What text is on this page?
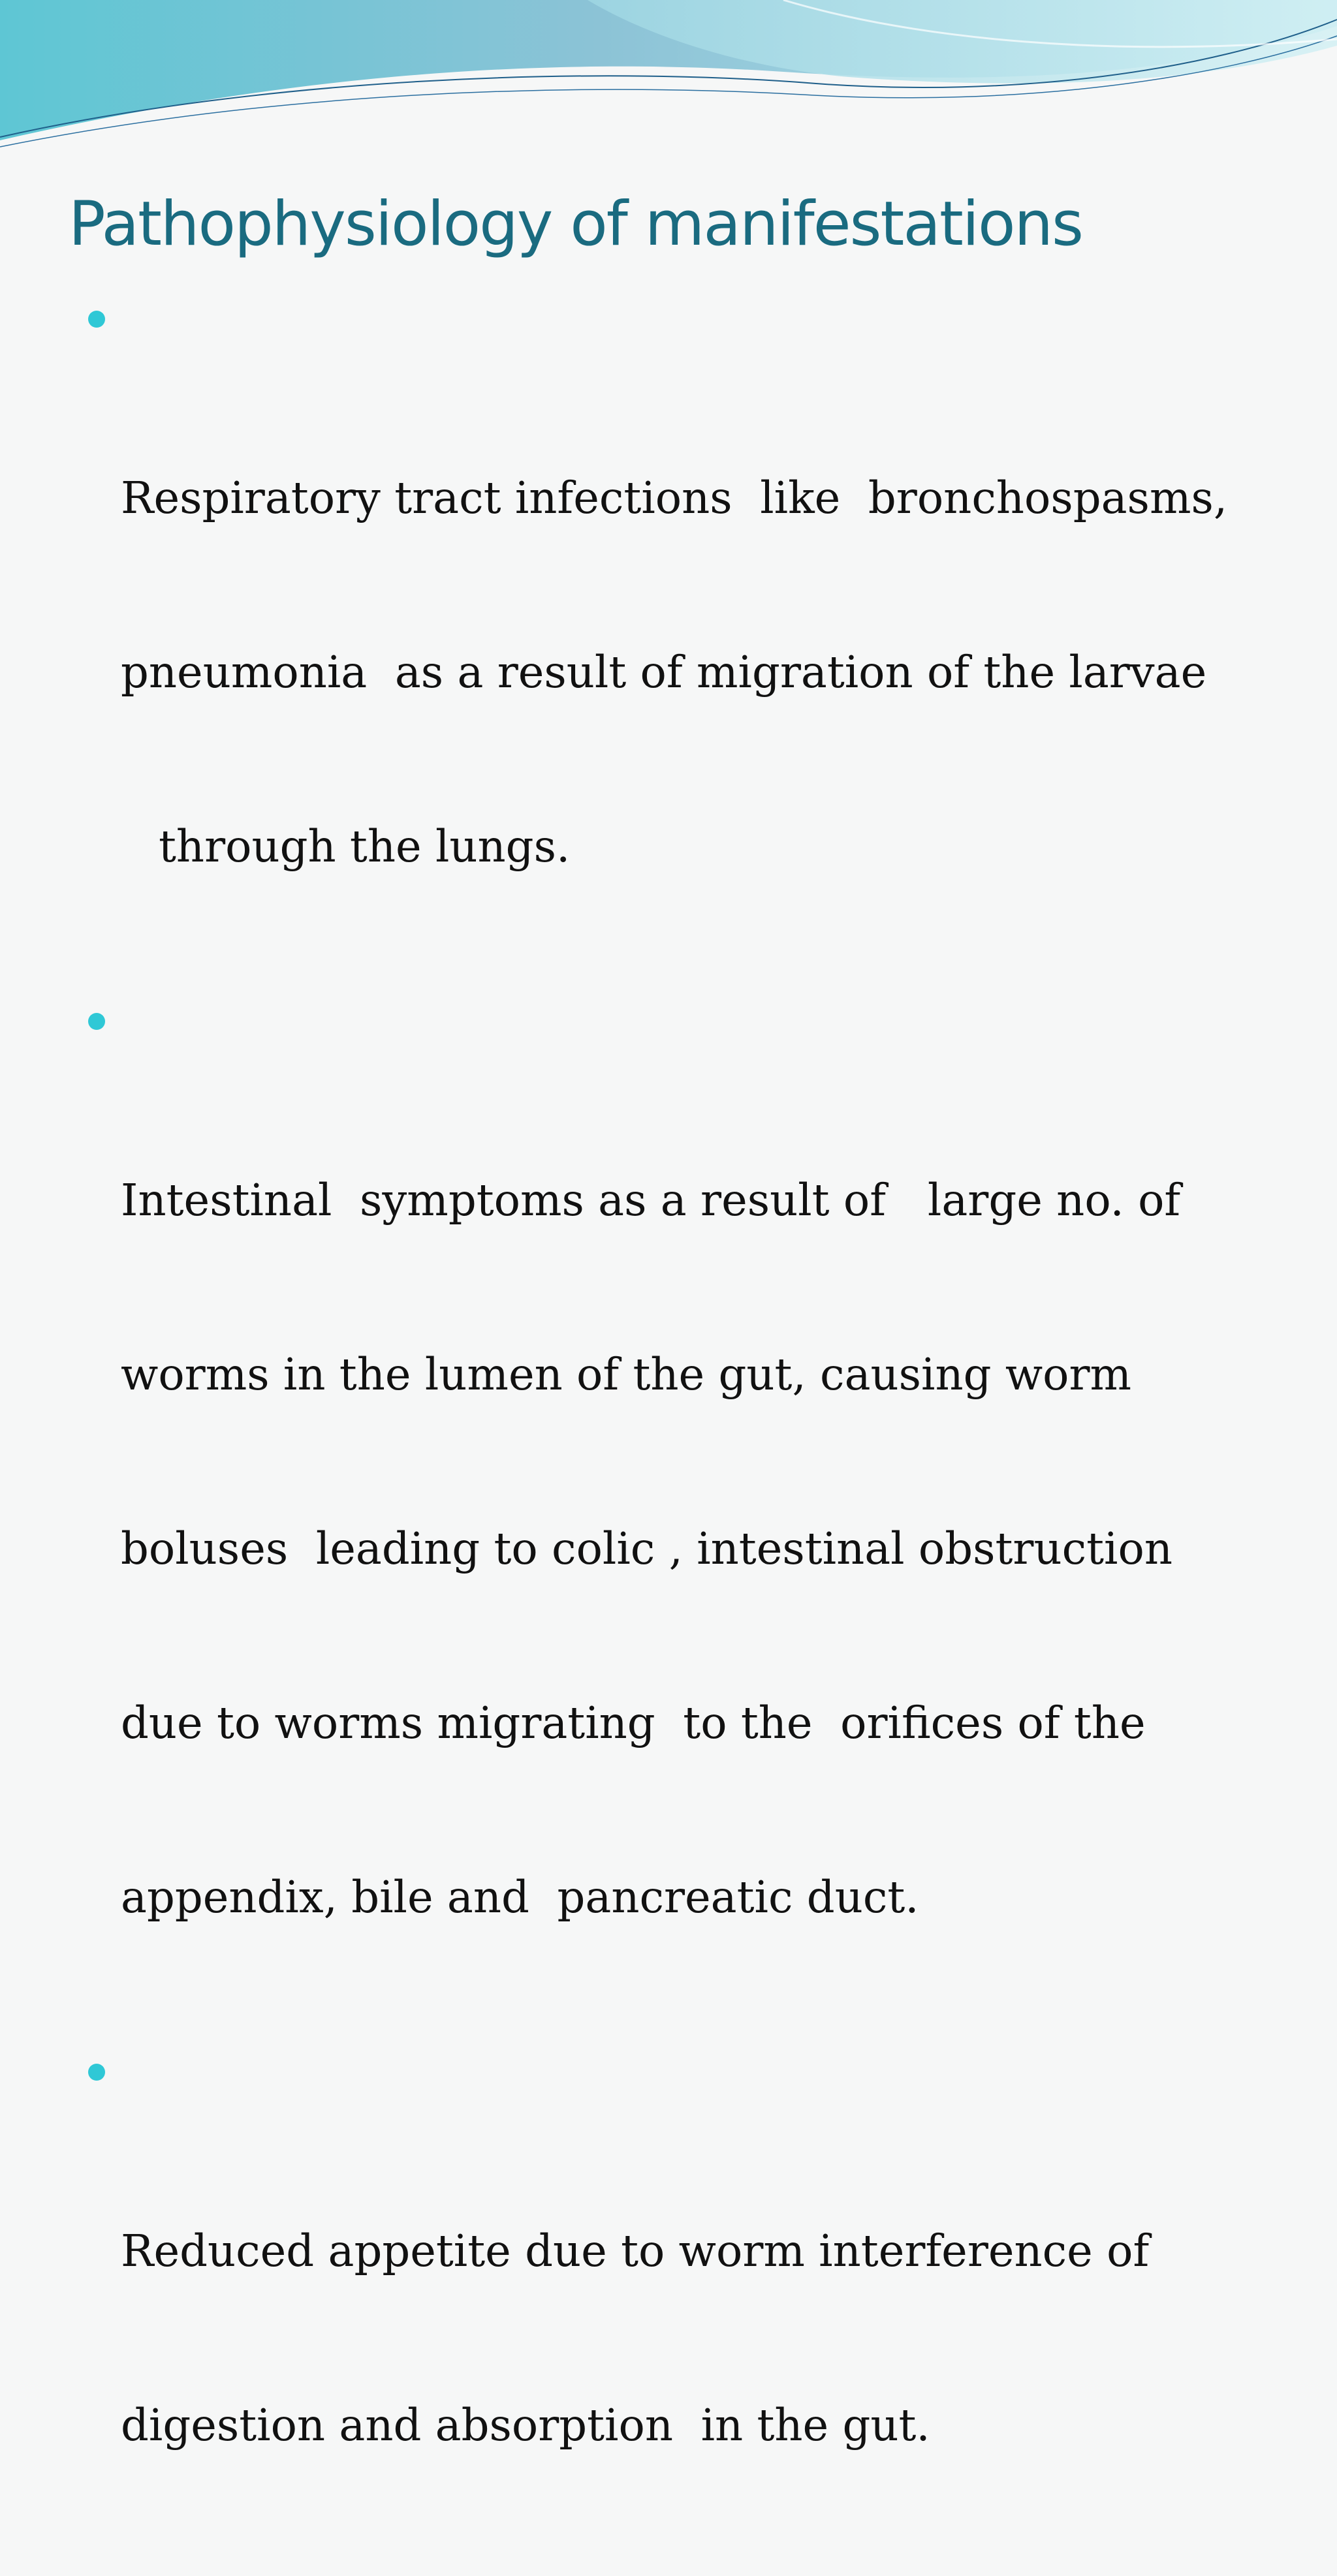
Pathophysiology of manifestations

Respiratory tract infections  like  bronchospasms,

pneumonia  as a result of migration of the larvae

through the lungs.

Intestinal  symptoms as a result of   large no. of

worms in the lumen of the gut, causing worm

boluses  leading to colic , intestinal obstruction

due to worms migrating  to the  orifices of the

appendix, bile and  pancreatic duct.

Reduced appetite due to worm interference of

digestion and absorption  in the gut.
